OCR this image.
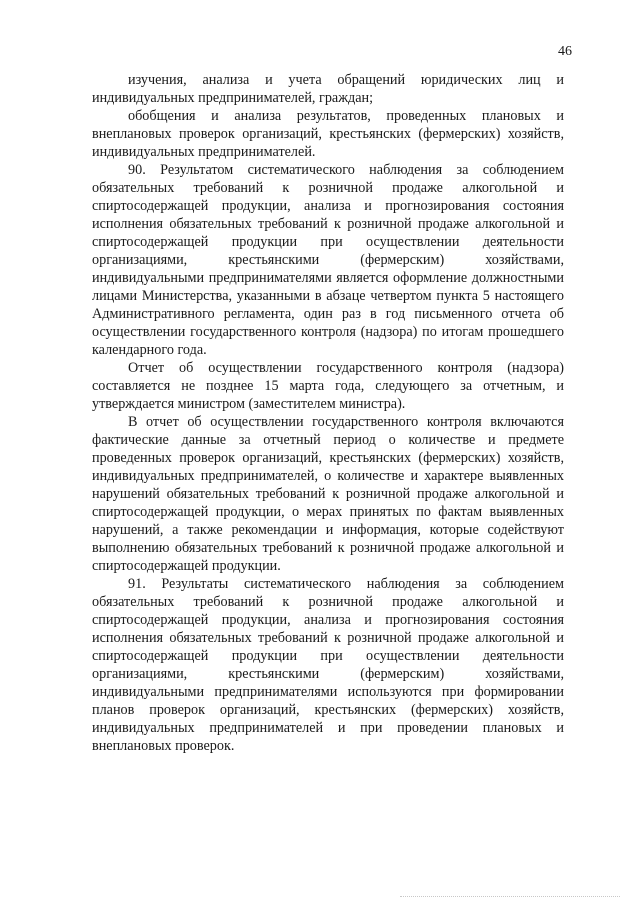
46

изучения, анализа и учета обращений юридических лиц и индивидуальных предпринимателей, граждан;

обобщения и анализа результатов, проведенных плановых и внеплановых проверок организаций, крестьянских (фермерских) хозяйств, индивидуальных предпринимателей.

90. Результатом систематического наблюдения за соблюдением обязательных требований к розничной продаже алкогольной и спиртосодержащей продукции, анализа и прогнозирования состояния исполнения обязательных требований к розничной продаже алкогольной и спиртосодержащей продукции при осуществлении деятельности организациями, крестьянскими (фермерским) хозяйствами, индивидуальными предпринимателями является оформление должностными лицами Министерства, указанными в абзаце четвертом пункта 5 настоящего Административного регламента, один раз в год письменного отчета об осуществлении государственного контроля (надзора) по итогам прошедшего календарного года.

Отчет об осуществлении государственного контроля (надзора) составляется не позднее 15 марта года, следующего за отчетным, и утверждается министром (заместителем министра).

В отчет об осуществлении государственного контроля включаются фактические данные за отчетный период о количестве и предмете проведенных проверок организаций, крестьянских (фермерских) хозяйств, индивидуальных предпринимателей, о количестве и характере выявленных нарушений обязательных требований к розничной продаже алкогольной и спиртосодержащей продукции, о мерах принятых по фактам выявленных нарушений, а также рекомендации и информация, которые содействуют выполнению обязательных требований к розничной продаже алкогольной и спиртосодержащей продукции.

91. Результаты систематического наблюдения за соблюдением обязательных требований к розничной продаже алкогольной и спиртосодержащей продукции, анализа и прогнозирования состояния исполнения обязательных требований к розничной продаже алкогольной и спиртосодержащей продукции при осуществлении деятельности организациями, крестьянскими (фермерским) хозяйствами, индивидуальными предпринимателями используются при формировании планов проверок организаций, крестьянских (фермерских) хозяйств, индивидуальных предпринимателей и при проведении плановых и внеплановых проверок.
